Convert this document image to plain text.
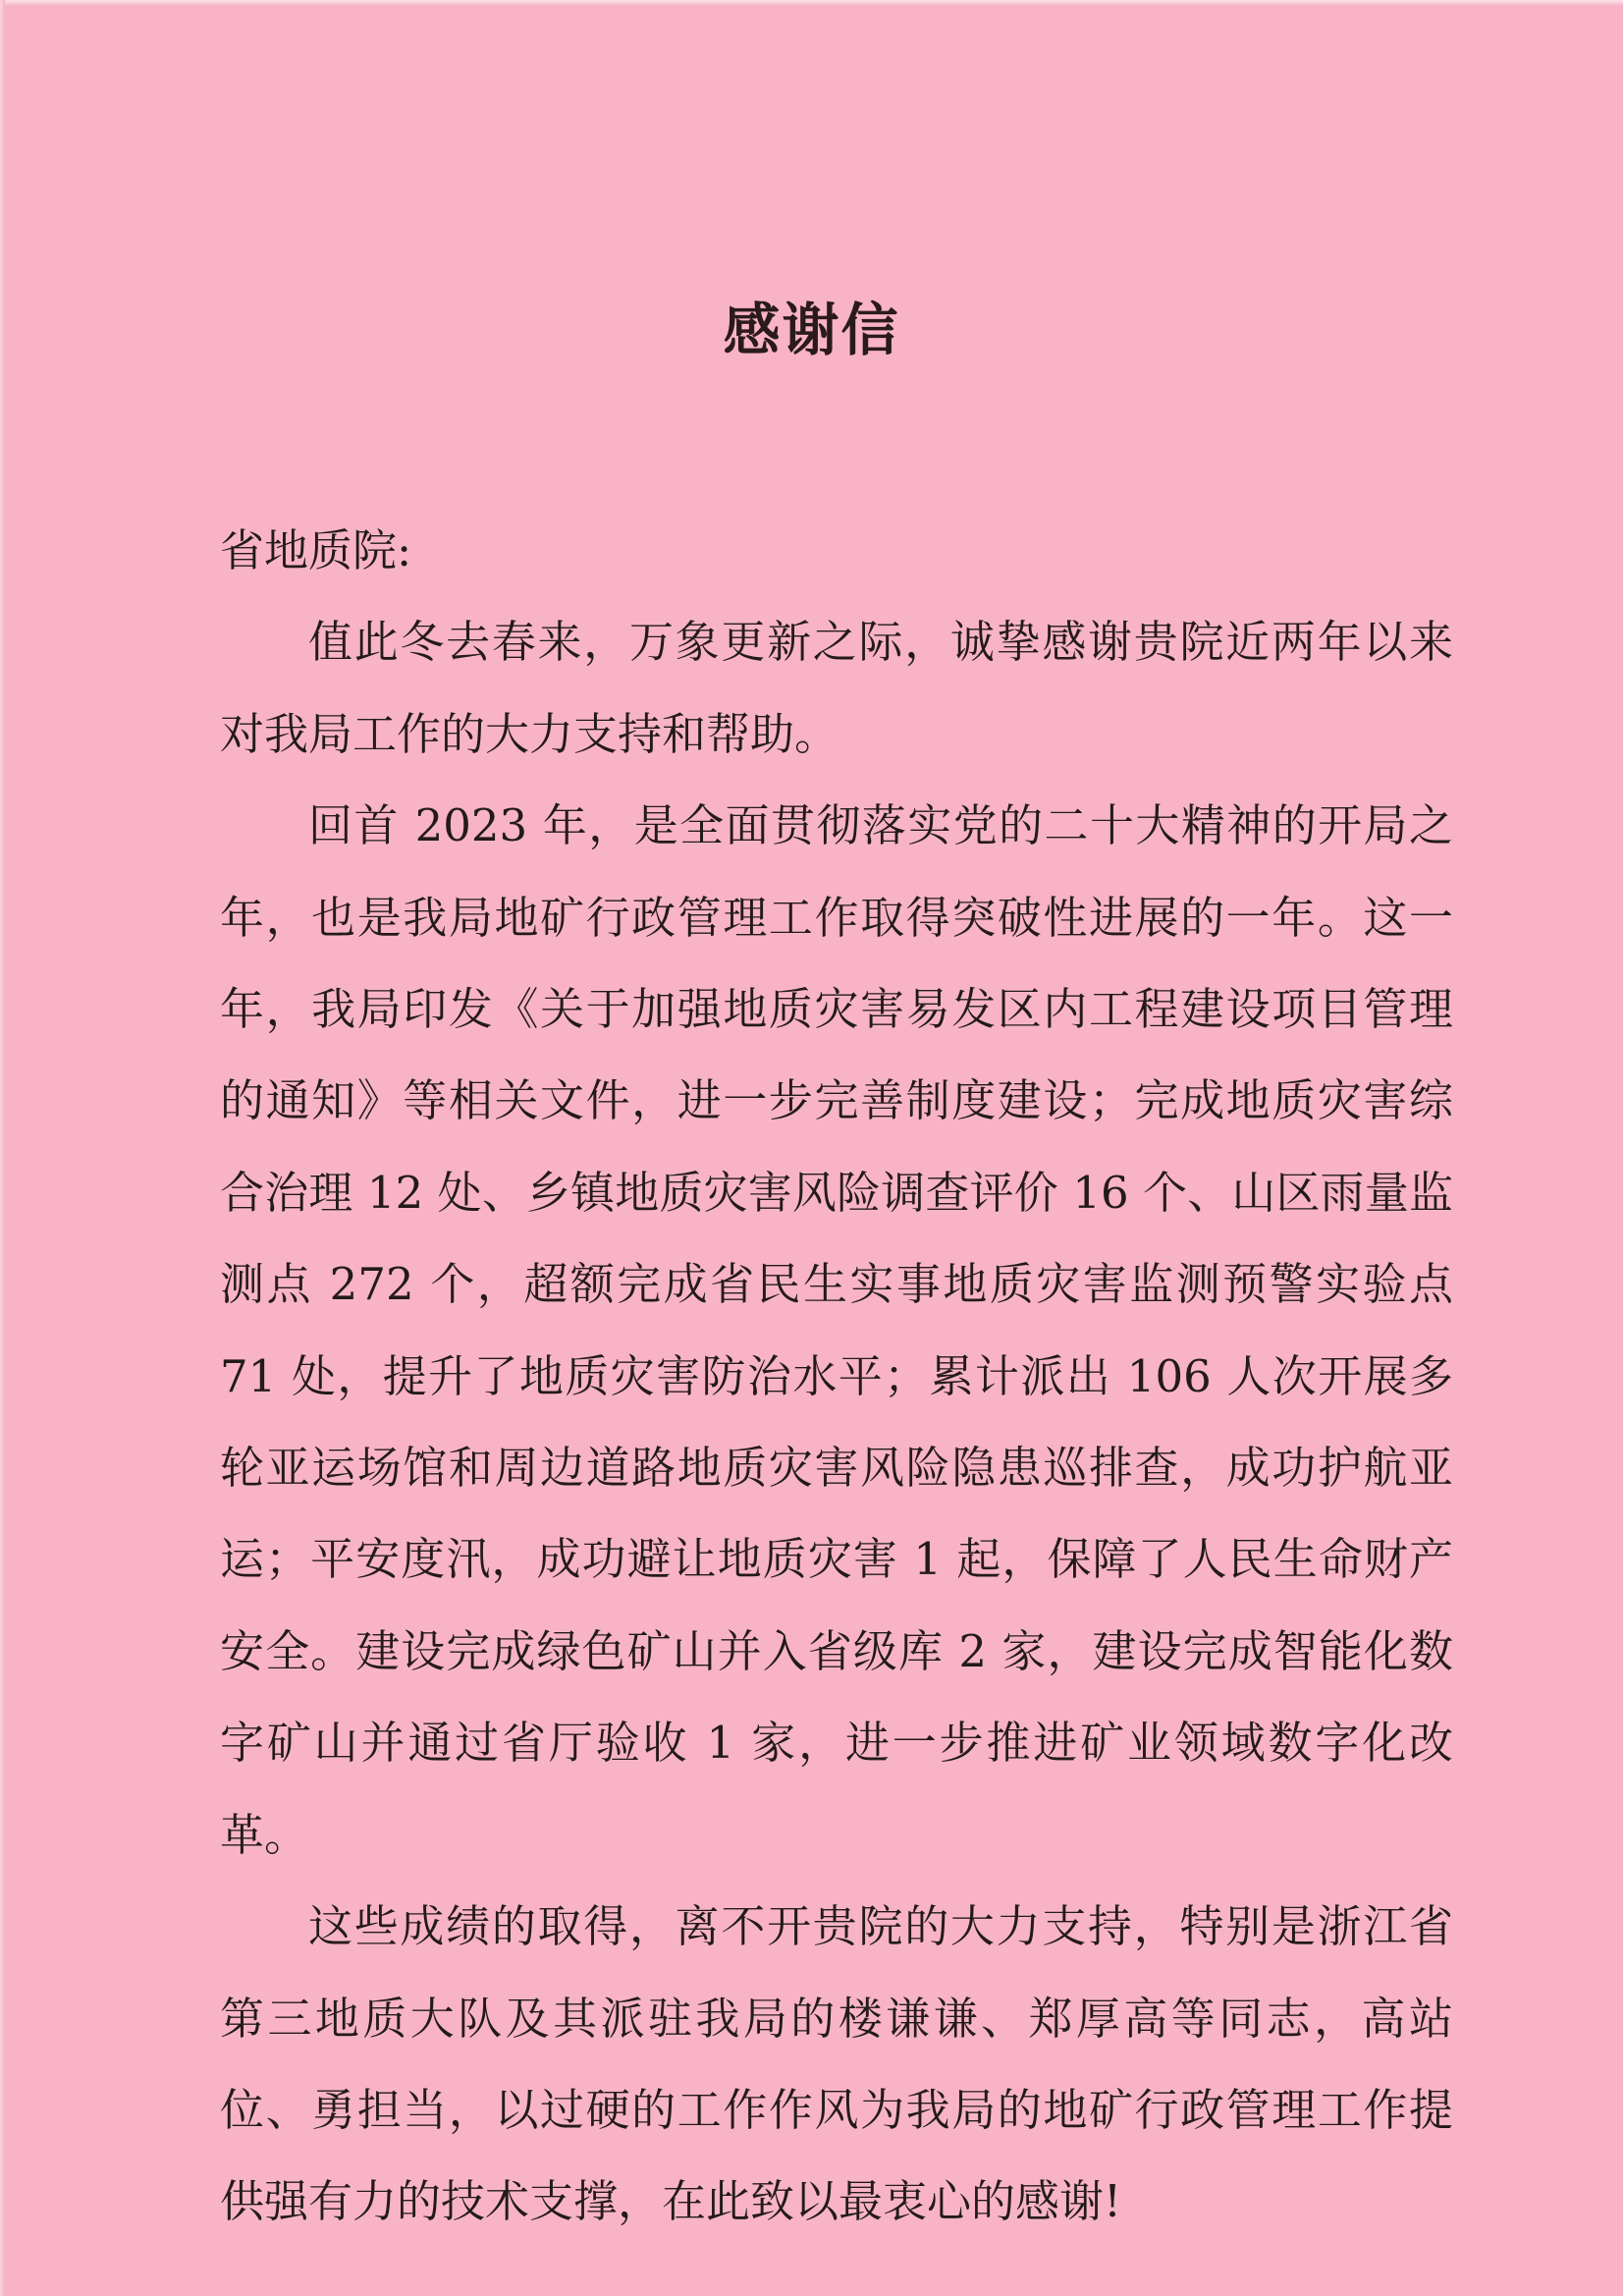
感谢信

省地质院:

值此冬去春来，万象更新之际，诚挚感谢贵院近两年以来对我局工作的大力支持和帮助。

回首 2023 年，是全面贯彻落实党的二十大精神的开局之年，也是我局地矿行政管理工作取得突破性进展的一年。这一年，我局印发《关于加强地质灾害易发区内工程建设项目管理的通知》等相关文件，进一步完善制度建设；完成地质灾害综合治理 12 处、乡镇地质灾害风险调查评价 16 个、山区雨量监测点 272 个，超额完成省民生实事地质灾害监测预警实验点 71 处，提升了地质灾害防治水平；累计派出 106 人次开展多轮亚运场馆和周边道路地质灾害风险隐患巡排查，成功护航亚运；平安度汛，成功避让地质灾害 1 起，保障了人民生命财产安全。建设完成绿色矿山并入省级库 2 家，建设完成智能化数字矿山并通过省厅验收 1 家，进一步推进矿业领域数字化改革。

这些成绩的取得，离不开贵院的大力支持，特别是浙江省第三地质大队及其派驻我局的楼谦谦、郑厚高等同志，高站位、勇担当，以过硬的工作作风为我局的地矿行政管理工作提供强有力的技术支撑，在此致以最衷心的感谢!
